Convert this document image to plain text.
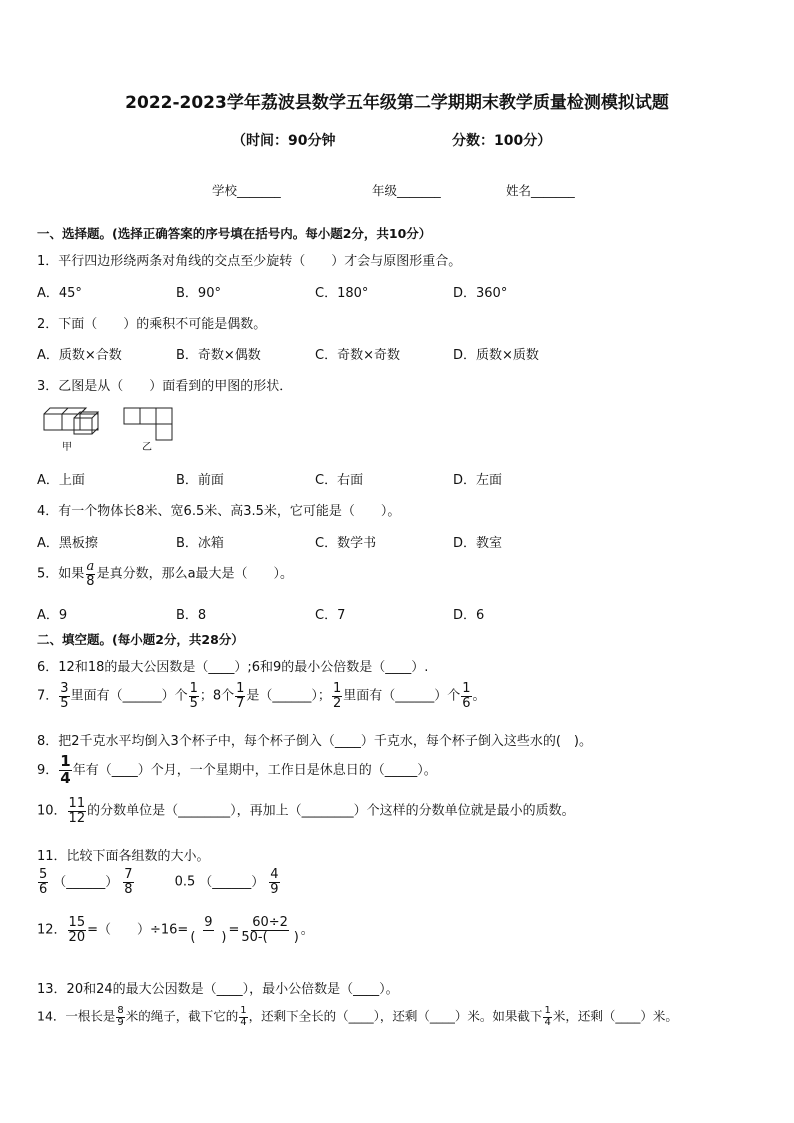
2022-2023学年荔波县数学五年级第二学期期末教学质量检测模拟试题
（时间：90分钟	分数：100分）
学校_______	年级_______	姓名_______
一、选择题。(选择正确答案的序号填在括号内。每小题2分，共10分）
1．平行四边形绕两条对角线的交点至少旋转（　　）才会与原图形重合。
A．45°	B．90°	C．180°	D．360°
2．下面（　　）的乘积不可能是偶数。
A．质数×合数	B．奇数×偶数	C．奇数×奇数	D．质数×质数
3．乙图是从（　　）面看到的甲图的形状．
甲	乙
A．上面	B．前面	C．右面	D．左面
4．有一个物体长8米、宽6.5米、高3.5米，它可能是（　　）。
A．黑板擦	B．冰箱	C．数学书	D．教室
5．如果 $\frac{a}{8}$ 是真分数，那么a最大是（　　）。
A．9	B．8	C．7	D．6
二、填空题。(每小题2分，共28分）
6．12和18的最大公因数是（____）;6和9的最小公倍数是（____）.
7． $\frac{3}{5}$ 里面有（______）个 $\frac{1}{5}$ ；8个 $\frac{1}{7}$ 是（______）； $\frac{1}{2}$ 里面有（______）个 $\frac{1}{6}$ 。
8．把2千克水平均倒入3个杯子中，每个杯子倒入（____）千克水，每个杯子倒入这些水的(　)。
9． $\frac{1}{4}$ 年有（____）个月，一个星期中，工作日是休息日的（_____）。
10． $\frac{11}{12}$ 的分数单位是（________），再加上（________）个这样的分数单位就是最小的质数。
11．比较下面各组数的大小。
$\frac{5}{6}$ （______） $\frac{7}{8}$	0.5 （______） $\frac{4}{9}$
12． $\frac{15}{20}$ =（　　）$\div 16= \frac{9}{( )} = \frac{60\div 2}{50-( )}$ 。
13．20和24的最大公因数是（____），最小公倍数是（____）。
14．一根长是 $\frac{8}{9}$ 米的绳子，截下它的 $\frac{1}{4}$ ，还剩下全长的（____），还剩（____）米。如果截下 $\frac{1}{4}$ 米，还剩（____）米。
